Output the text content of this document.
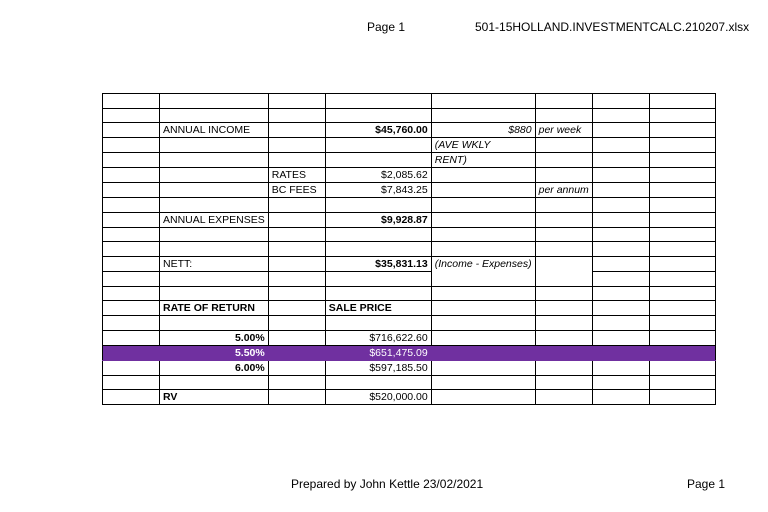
Page 1	501-15HOLLAND.INVESTMENTCALC.210207.xlsx

	ANNUAL INCOME		$45,760.00	$880	per week		
				(AVE WKLY			
				RENT)			
		RATES	$2,085.62				
		BC FEES	$7,843.25		per annum		

	ANNUAL EXPENSES		$9,928.87				

	NETT:		$35,831.13	(Income - Expenses)			

	RATE OF RETURN		SALE PRICE				

	5.00%		$716,622.60				
	5.50%		$651,475.09				
	6.00%		$597,185.50				

	RV		$520,000.00				
Prepared by John Kettle 23/02/2021	Page 1
